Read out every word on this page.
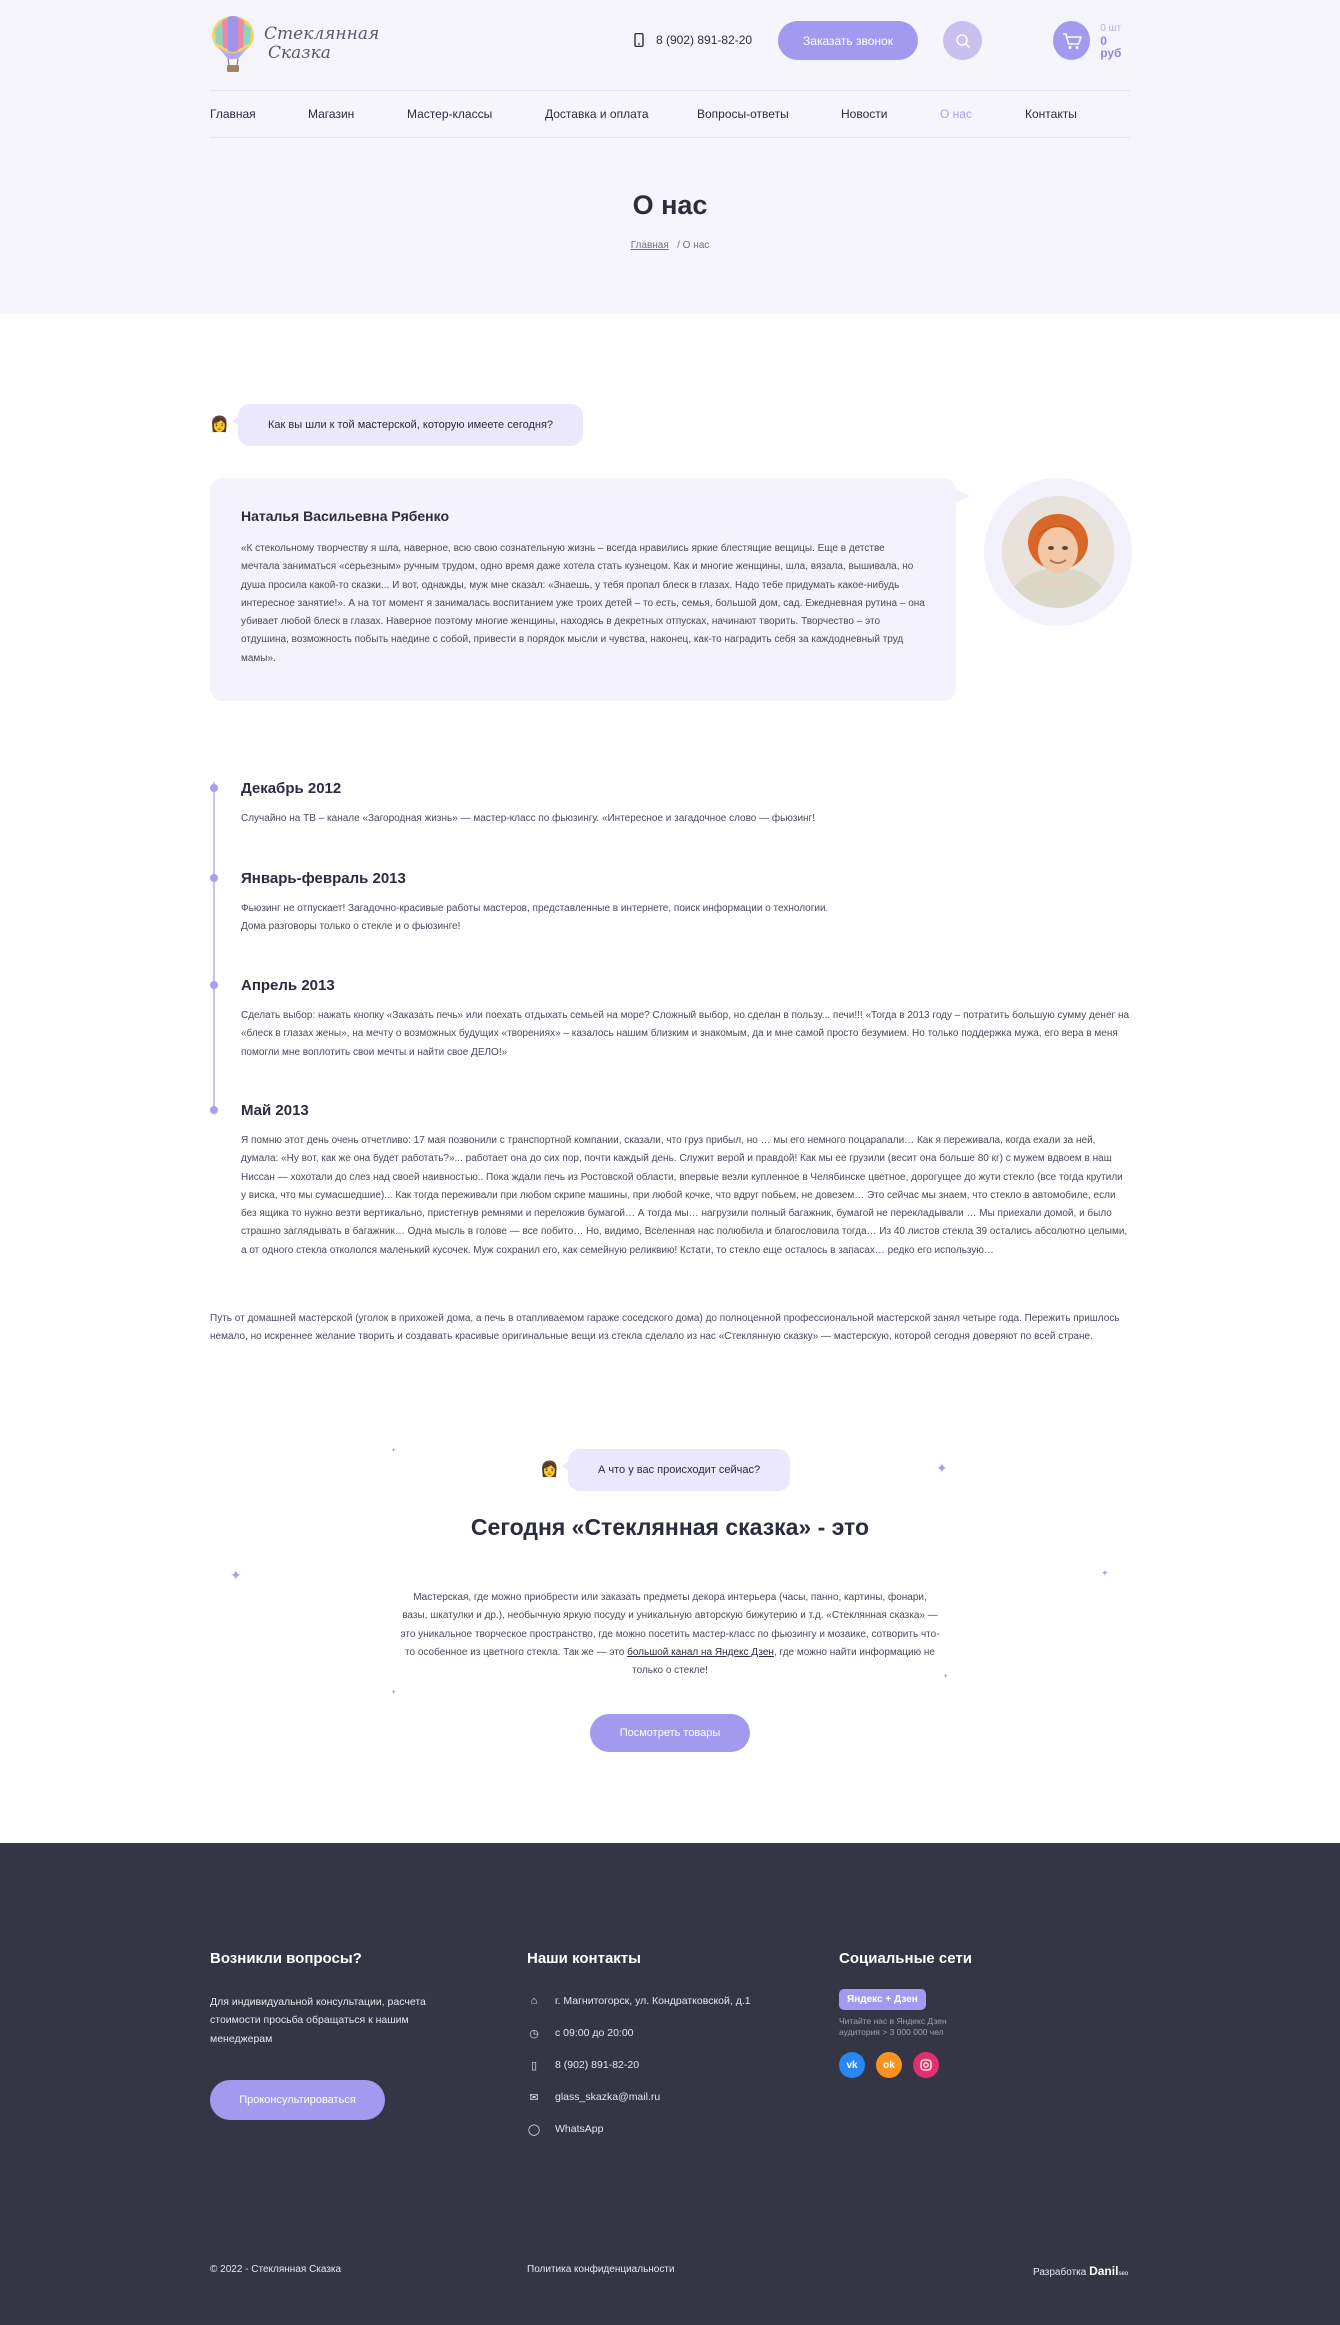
Стеклянная
Сказка
8 (902) 891-82-20	Заказать звонок
0 шт
0 руб
Главная	Магазин	Мастер-классы	Доставка и оплата	Вопросы-ответы	Новости	О нас	Контакты
О нас
Главная / О нас
👩	Как вы шли к той мастерской, которую имеете сегодня?
Наталья Васильевна Рябенко

«К стекольному творчеству я шла, наверное, всю свою сознательную жизнь – всегда нравились яркие блестящие вещицы. Еще в детстве мечтала заниматься «серьезным» ручным трудом, одно время даже хотела стать кузнецом. Как и многие женщины, шла, вязала, вышивала, но душа просила какой-то сказки... И вот, однажды, муж мне сказал: «Знаешь, у тебя пропал блеск в глазах. Надо тебе придумать какое-нибудь интересное занятие!». А на тот момент я занималась воспитанием уже троих детей – то есть, семья, большой дом, сад. Ежедневная рутина – она убивает любой блеск в глазах. Наверное поэтому многие женщины, находясь в декретных отпусках, начинают творить. Творчество – это отдушина, возможность побыть наедине с собой, привести в порядок мысли и чувства, наконец, как-то наградить себя за каждодневный труд мамы».

Декабрь 2012

Случайно на ТВ – канале «Загородная жизнь» — мастер-класс по фьюзингу. «Интересное и загадочное слово — фьюзинг!

Январь-февраль 2013

Фьюзинг не отпускает! Загадочно-красивые работы мастеров, представленные в интернете, поиск информации о технологии.
Дома разговоры только о стекле и о фьюзинге!

Апрель 2013

Сделать выбор: нажать кнопку «Заказать печь» или поехать отдыхать семьей на море? Сложный выбор, но сделан в пользу... печи!!! «Тогда в 2013 году – потратить большую сумму денег на «блеск в глазах жены», на мечту о возможных будущих «творениях» – казалось нашим близким и знакомым, да и мне самой просто безумием. Но только поддержка мужа, его вера в меня помогли мне воплотить свои мечты и найти свое ДЕЛО!»

Май 2013

Я помню этот день очень отчетливо: 17 мая позвонили с транспортной компании, сказали, что груз прибыл, но … мы его немного поцарапали… Как я переживала, когда ехали за ней, думала: «Ну вот, как же она будет работать?»... работает она до сих пор, почти каждый день. Служит верой и правдой! Как мы ее грузили (весит она больше 80 кг) с мужем вдвоем в наш Ниссан — хохотали до слез над своей наивностью.. Пока ждали печь из Ростовской области, впервые везли купленное в Челябинске цветное, дорогущее до жути стекло (все тогда крутили у виска, что мы сумасшедшие)... Как тогда переживали при любом скрипе машины, при любой кочке, что вдруг побьем, не довезем… Это сейчас мы знаем, что стекло в автомобиле, если без ящика то нужно везти вертикально, пристегнув ремнями и переложив бумагой… А тогда мы… нагрузили полный багажник, бумагой не перекладывали … Мы приехали домой, и было страшно заглядывать в багажник… Одна мысль в голове — все побито… Но, видимо, Вселенная нас полюбила и благословила тогда… Из 40 листов стекла 39 остались абсолютно целыми, а от одного стекла откололся маленький кусочек. Муж сохранил его, как семейную реликвию! Кстати, то стекло еще осталось в запасах… редко его использую…

Путь от домашней мастерской (уголок в прихожей дома, а печь в отапливаемом гараже соседского дома) до полноценной профессиональной мастерской занял четыре года. Пережить пришлось немало, но искреннее желание творить и создавать красивые оригинальные вещи из стекла сделало из нас «Стеклянную сказку» — мастерскую, которой сегодня доверяют по всей стране.

✦
✦
✦	✦
✦
✦
👩	А что у вас происходит сейчас?
Сегодня «Стеклянная сказка» - это

Мастерская, где можно приобрести или заказать предметы декора интерьера (часы, панно, картины, фонари, вазы, шкатулки и др.), необычную яркую посуду и уникальную авторскую бижутерию и т.д. «Стеклянная сказка» — это уникальное творческое пространство, где можно посетить мастер-класс по фьюзингу и мозаике, сотворить что-то особенное из цветного стекла. Так же — это большой канал на Яндекс Дзен, где можно найти информацию не только о стекле!

Посмотреть товары
Возникли вопросы?

Для индивидуальной консультации, расчета стоимости просьба обращаться к нашим менеджерам

Проконсультироваться
Наши контакты
⌂	г. Магнитогорск, ул. Кондратковской, д.1
◷ с 09:00 до 20:00
▯	8 (902) 891-82-20
✉ glass_skazka@mail.ru
◯ WhatsApp
Социальные сети
Яндекс + Дзен
Читайте нас в Яндекс Дзен аудитория > 3 000 000 чел
vk	ok
© 2022 - Стеклянная Сказка	Политика конфиденциальности	Разработка Danilseo
